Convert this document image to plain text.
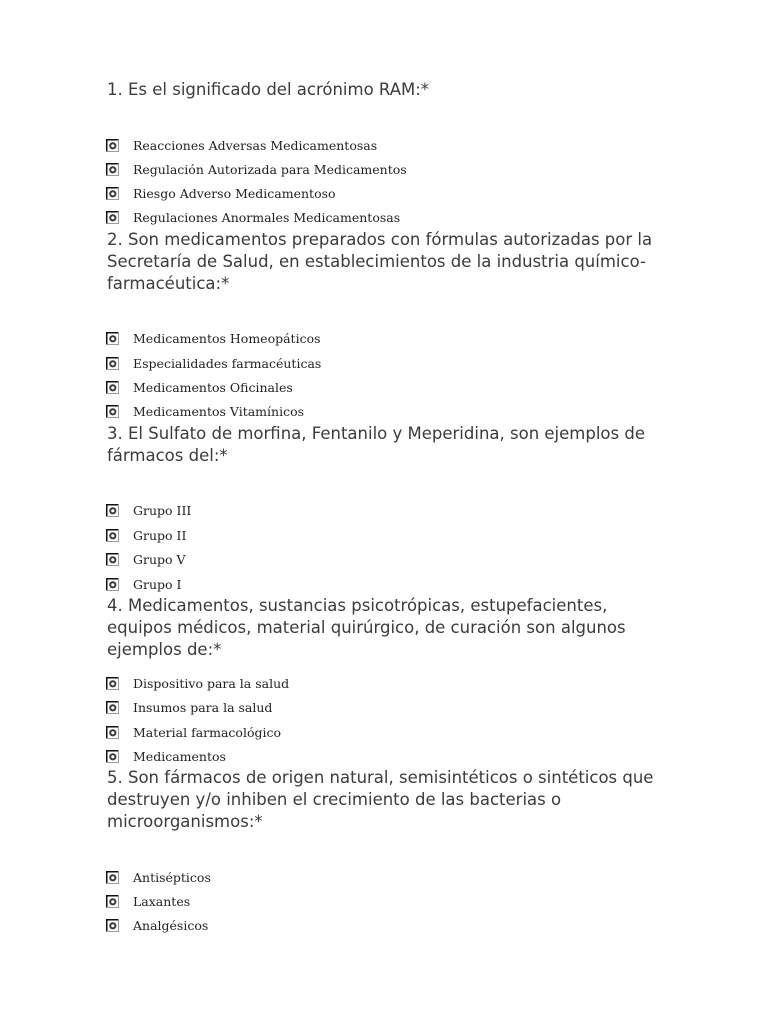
1. Es el significado del acrónimo RAM:*
Reacciones Adversas Medicamentosas
Regulación Autorizada para Medicamentos
Riesgo Adverso Medicamentoso
Regulaciones Anormales Medicamentosas
2. Son medicamentos preparados con fórmulas autorizadas por la Secretaría de Salud, en establecimientos de la industria químico-farmacéutica:*
Medicamentos Homeopáticos
Especialidades farmacéuticas
Medicamentos Oficinales
Medicamentos Vitamínicos
3. El Sulfato de morfina, Fentanilo y Meperidina, son ejemplos de fármacos del:*
Grupo III
Grupo II
Grupo V
Grupo I
4. Medicamentos, sustancias psicotrópicas, estupefacientes, equipos médicos, material quirúrgico, de curación son algunos ejemplos de:*
Dispositivo para la salud
Insumos para la salud
Material farmacológico
Medicamentos
5. Son fármacos de origen natural, semisintéticos o sintéticos que destruyen y/o inhiben el crecimiento de las bacterias o microorganismos:*
Antisépticos
Laxantes
Analgésicos
